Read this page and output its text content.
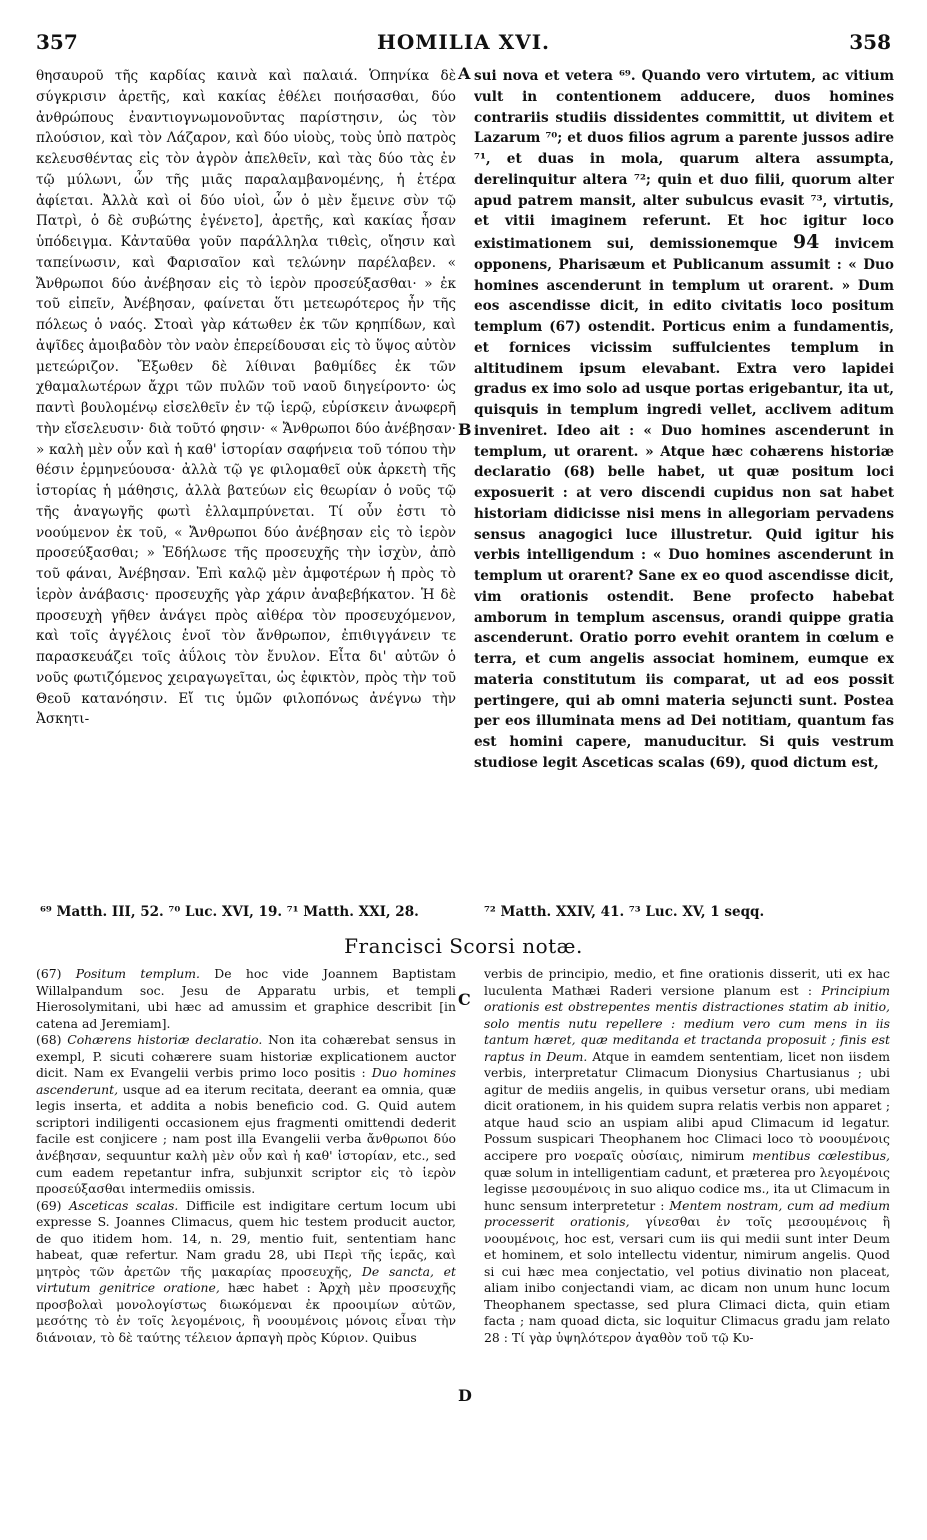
357	HOMILIA XVI.	358

θησαυροῦ τῆς καρδίας καινὰ καὶ παλαιά. Ὁπηνίκα δὲ σύγκρισιν ἀρετῆς, καὶ κακίας ἐθέλει ποιήσασθαι, δύο ἀνθρώπους ἐναντιογνωμονοῦντας παρίστησιν, ὡς τὸν πλούσιον, καὶ τὸν Λάζαρον, καὶ δύο υἱοὺς, τοὺς ὑπὸ πατρὸς κελευσθέντας εἰς τὸν ἀγρὸν ἀπελθεῖν, καὶ τὰς δύο τὰς ἐν τῷ μύλωνι, ὧν τῆς μιᾶς παραλαμβανομένης, ἡ ἑτέρα ἀφίεται. Ἀλλὰ καὶ οἱ δύο υἱοὶ, ὧν ὁ μὲν ἔμεινε σὺν τῷ Πατρὶ, ὁ δὲ συβώτης ἐγένετο], ἀρετῆς, καὶ κακίας ἦσαν ὑπόδειγμα. Κἀνταῦθα γοῦν παράλληλα τιθεὶς, οἴησιν καὶ ταπείνωσιν, καὶ Φαρισαῖον καὶ τελώνην παρέλαβεν. « Ἄνθρωποι δύο ἀνέβησαν εἰς τὸ ἱερὸν προσεύξασθαι· » ἐκ τοῦ εἰπεῖν, Ἀνέβησαν, φαίνεται ὅτι μετεωρότερος ἦν τῆς πόλεως ὁ ναός. Στοαὶ γὰρ κάτωθεν ἐκ τῶν κρηπίδων, καὶ ἀψῖδες ἀμοιβαδὸν τὸν ναὸν ἐπερείδουσαι εἰς τὸ ὕψος αὐτὸν μετεώριζον. Ἔξωθεν δὲ λίθιναι βαθμίδες ἐκ τῶν χθαμαλωτέρων ἄχρι τῶν πυλῶν τοῦ ναοῦ διηγείροντο· ὡς παντὶ βουλομένῳ εἰσελθεῖν ἐν τῷ ἱερῷ, εὑρίσκειν ἀνωφερῆ τὴν εἴσελευσιν· διὰ τοῦτό φησιν· « Ἄνθρωποι δύο ἀνέβησαν· » καλὴ μὲν οὖν καὶ ἡ καθ' ἱστορίαν σαφήνεια τοῦ τόπου τὴν θέσιν ἑρμηνεύουσα· ἀλλὰ τῷ γε φιλομαθεῖ οὐκ ἀρκετὴ τῆς ἱστορίας ἡ μάθησις, ἀλλὰ βατεύων εἰς θεωρίαν ὁ νοῦς τῷ τῆς ἀναγωγῆς φωτὶ ἐλλαμπρύνεται. Τί οὖν ἐστι τὸ νοούμενον ἐκ τοῦ, « Ἄνθρωποι δύο ἀνέβησαν εἰς τὸ ἱερὸν προσεύξασθαι; » Ἐδήλωσε τῆς προσευχῆς τὴν ἰσχὺν, ἀπὸ τοῦ φάναι, Ἀνέβησαν. Ἐπὶ καλῷ μὲν ἀμφοτέρων ἡ πρὸς τὸ ἱερὸν ἀνάβασις· προσευχῆς γὰρ χάριν ἀναβεβήκατον. Ἡ δὲ προσευχὴ γῆθεν ἀνάγει πρὸς αἰθέρα τὸν προσευχόμενον, καὶ τοῖς ἀγγέλοις ἑνοῖ τὸν ἄνθρωπον, ἐπιθιγγάνειν τε παρασκευάζει τοῖς ἀΰλοις τὸν ἔνυλον. Εἶτα δι' αὐτῶν ὁ νοῦς φωτιζόμενος χειραγωγεῖται, ὡς ἐφικτὸν, πρὸς τὴν τοῦ Θεοῦ κατανόησιν. Εἴ τις ὑμῶν φιλοπόνως ἀνέγνω τὴν Ἀσκητι-

A
B

sui nova et vetera ⁶⁹. Quando vero virtutem, ac vitium vult in contentionem adducere, duos homines contrariis studiis dissidentes committit, ut divitem et Lazarum ⁷⁰; et duos filios agrum a parente jussos adire ⁷¹, et duas in mola, quarum altera assumpta, derelinquitur altera ⁷²; quin et duo filii, quorum alter apud patrem mansit, alter subulcus evasit ⁷³, virtutis, et vitii imaginem referunt. Et hoc igitur loco existimationem sui, demissionemque 94 invicem opponens, Pharisæum et Publicanum assumit : « Duo homines ascenderunt in templum ut orarent. » Dum eos ascendisse dicit, in edito civitatis loco positum templum (67) ostendit. Porticus enim a fundamentis, et fornices vicissim suffulcientes templum in altitudinem ipsum elevabant. Extra vero lapidei gradus ex imo solo ad usque portas erigebantur, ita ut, quisquis in templum ingredi vellet, acclivem aditum inveniret. Ideo ait : « Duo homines ascenderunt in templum, ut orarent. » Atque hæc cohærens historiæ declaratio (68) belle habet, ut quæ positum loci exposuerit : at vero discendi cupidus non sat habet historiam didicisse nisi mens in allegoriam pervadens sensus anagogici luce illustretur. Quid igitur his verbis intelligendum : « Duo homines ascenderunt in templum ut orarent? Sane ex eo quod ascendisse dicit, vim orationis ostendit. Bene profecto habebat amborum in templum ascensus, orandi quippe gratia ascenderunt. Oratio porro evehit orantem in cœlum e terra, et cum angelis associat hominem, eumque ex materia constitutum iis comparat, ut ad eos possit pertingere, qui ab omni materia sejuncti sunt. Postea per eos illuminata mens ad Dei notitiam, quantum fas est homini capere, manuducitur. Si quis vestrum studiose legit Asceticas scalas (69), quod dictum est,

⁶⁹ Matth. III, 52. ⁷⁰ Luc. XVI, 19. ⁷¹ Matth. XXI, 28.	⁷² Matth. XXIV, 41. ⁷³ Luc. XV, 1 seqq.
Francisci Scorsi notæ.
C
D

(67) Positum templum. De hoc vide Joannem Baptistam Willalpandum soc. Jesu de Apparatu urbis, et templi Hierosolymitani, ubi hæc ad amussim et graphice describit [in catena ad Jeremiam].

(68) Cohærens historiæ declaratio. Non ita cohærebat sensus in exempl, P. sicuti cohærere suam historiæ explicationem auctor dicit. Nam ex Evangelii verbis primo loco positis : Duo homines ascenderunt, usque ad ea iterum recitata, deerant ea omnia, quæ legis inserta, et addita a nobis beneficio cod. G. Quid autem scriptori indiligenti occasionem ejus fragmenti omittendi dederit facile est conjicere ; nam post illa Evangelii verba ἄνθρωποι δύο ἀνέβησαν, sequuntur καλὴ μὲν οὖν καὶ ἡ καθ' ἱστορίαν, etc., sed cum eadem repetantur infra, subjunxit scriptor εἰς τὸ ἱερὸν προσεύξασθαι intermediis omissis.

(69) Asceticas scalas. Difficile est indigitare certum locum ubi expresse S. Joannes Climacus, quem hic testem producit auctor, de quo itidem hom. 14, n. 29, mentio fuit, sententiam hanc habeat, quæ refertur. Nam gradu 28, ubi Περὶ τῆς ἱερᾶς, καὶ μητρὸς τῶν ἀρετῶν τῆς μακαρίας προσευχῆς, De sancta, et virtutum genitrice oratione, hæc habet : Ἀρχὴ μὲν προσευχῆς προσβολαὶ μονολογίστως διωκόμεναι ἐκ προοιμίων αὐτῶν, μεσότης τὸ ἐν τοῖς λεγομένοις, ἢ νοουμένοις μόνοις εἶναι τὴν διάνοιαν, τὸ δὲ ταύτης τέλειον ἁρπαγὴ πρὸς Κύριον. Quibus

verbis de principio, medio, et fine orationis disserit, uti ex hac luculenta Mathæi Raderi versione planum est : Principium orationis est obstrepentes mentis distractiones statim ab initio, solo mentis nutu repellere : medium vero cum mens in iis tantum hæret, quæ meditanda et tractanda proposuit ; finis est raptus in Deum. Atque in eamdem sententiam, licet non iisdem verbis, interpretatur Climacum Dionysius Chartusianus ; ubi agitur de mediis angelis, in quibus versetur orans, ubi mediam dicit orationem, in his quidem supra relatis verbis non apparet ; atque haud scio an uspiam alibi apud Climacum id legatur. Possum suspicari Theophanem hoc Climaci loco τὸ νοουμένοις accipere pro νοεραῖς οὐσίαις, nimirum mentibus cœlestibus, quæ solum in intelligentiam cadunt, et præterea pro λεγομένοις legisse μεσουμένοις in suo aliquo codice ms., ita ut Climacum in hunc sensum interpretetur : Mentem nostram, cum ad medium processerit orationis, γίνεσθαι ἐν τοῖς μεσουμένοις ἢ νοουμένοις, hoc est, versari cum iis qui medii sunt inter Deum et hominem, et solo intellectu videntur, nimirum angelis. Quod si cui hæc mea conjectatio, vel potius divinatio non placeat, aliam inibo conjectandi viam, ac dicam non unum hunc locum Theophanem spectasse, sed plura Climaci dicta, quin etiam facta ; nam quoad dicta, sic loquitur Climacus gradu jam relato 28 : Τί γὰρ ὑψηλότερον ἀγαθὸν τοῦ τῷ Κυ-
